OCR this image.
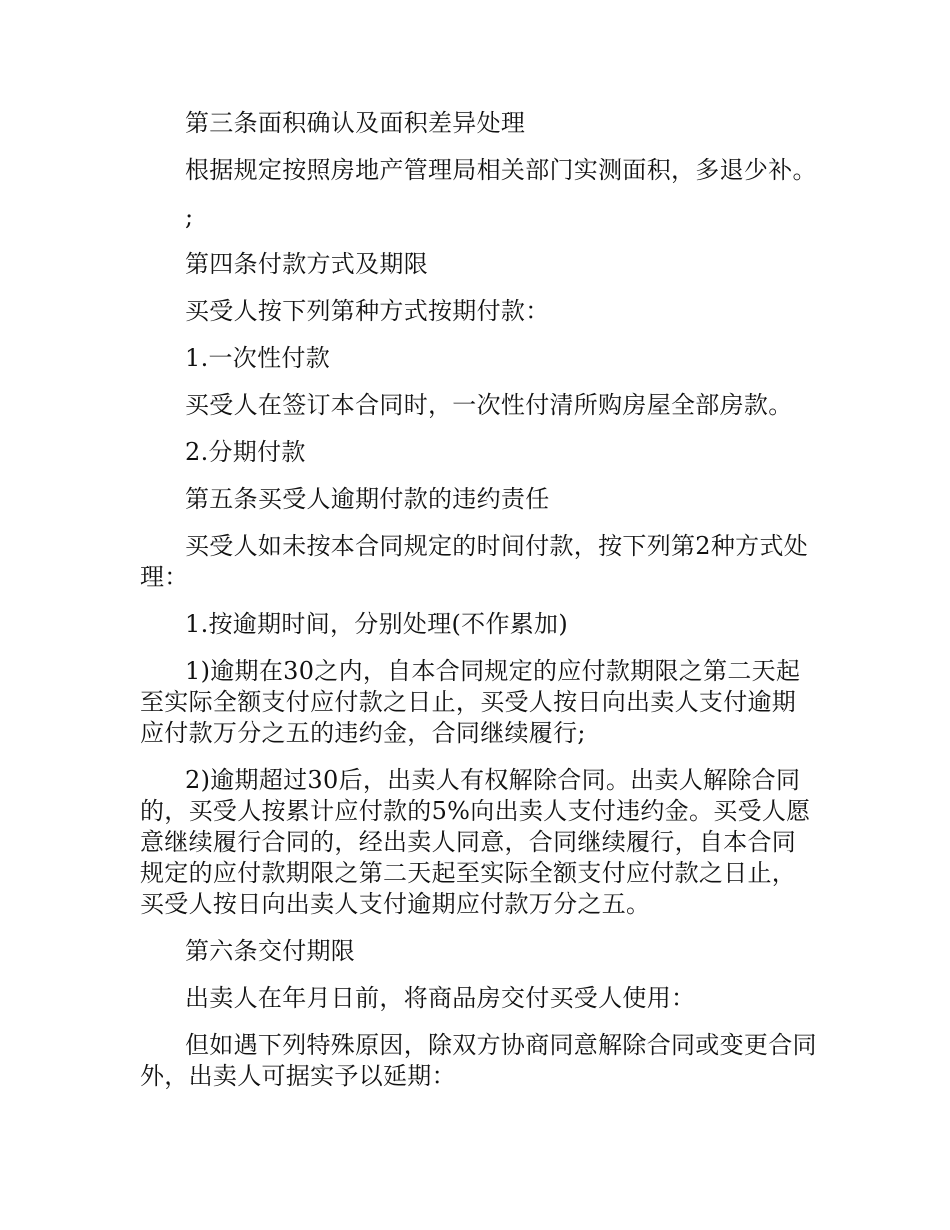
第三条面积确认及面积差异处理

根据规定按照房地产管理局相关部门实测面积，多退少补。

;

第四条付款方式及期限

买受人按下列第种方式按期付款：

1.一次性付款

买受人在签订本合同时，一次性付清所购房屋全部房款。

2.分期付款

第五条买受人逾期付款的违约责任

买受人如未按本合同规定的时间付款，按下列第2种方式处理：

1.按逾期时间，分别处理(不作累加)

1)逾期在30之内，自本合同规定的应付款期限之第二天起至实际全额支付应付款之日止，买受人按日向出卖人支付逾期应付款万分之五的违约金，合同继续履行;

2)逾期超过30后，出卖人有权解除合同。出卖人解除合同的，买受人按累计应付款的5%向出卖人支付违约金。买受人愿意继续履行合同的，经出卖人同意，合同继续履行，自本合同规定的应付款期限之第二天起至实际全额支付应付款之日止，买受人按日向出卖人支付逾期应付款万分之五。

第六条交付期限

出卖人在年月日前，将商品房交付买受人使用：

但如遇下列特殊原因，除双方协商同意解除合同或变更合同外，出卖人可据实予以延期：
